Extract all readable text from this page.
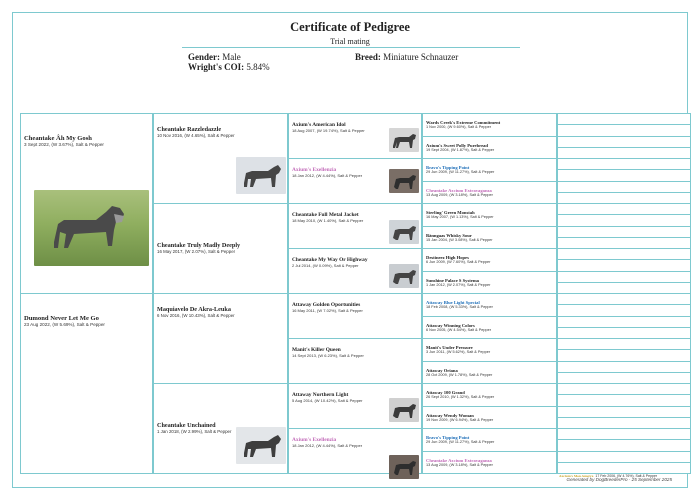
Certificate of Pedigree
Trial mating
Gender: Male	Breed: Miniature Schnauzer
Wright's COI: 5.84%
Cheantake Âh My Gosh
3 Sept 2022, (W 3.67%), Salt & Pepper
Dumond Never Let Me Go
23 Aug 2022, (W 5.69%), Salt & Pepper
Cheantake Razzledazzle
10 Nov 2016, (W 4.65%), Salt & Pepper
Cheantake Truly Madly Deeply
16 May 2017, (W 2.07%), Salt & Pepper
Maquiavelo De Akra-Leuka
6 Nov 2016, (W 10.43%), Salt & Pepper
Cheantake Unchained
1 Jan 2018, (W 2.99%), Salt & Pepper
Axium's American Idol
18 Aug 2007, (W 19.74%), Salt & Pepper
Axium's Exellenzia
18 Jan 2012, (W 4.44%), Salt & Pepper
Cheantake Full Metal Jacket
18 May 2010, (W 1.40%), Salt & Pepper
Cheantake My Way Or Highway
2 Jul 2014, (W 0.09%), Salt & Pepper
Attaway Golden Oportunities
16 May 2011, (W 7.02%), Salt & Pepper
Manit's Killer Queen
14 Sept 2013, (W 6.23%), Salt & Pepper
Attaway Northern Light
5 Aug 2014, (W 10.42%), Salt & Pepper
Axium's Exellenzia
18 Jan 2012, (W 4.44%), Salt & Pepper
Wards Creek's Extreme Commitment
1 Nov 2000, (W 9.60%), Salt & Pepper
Axium's Sweet Polly Purebread
19 Sept 2004, (W 1.87%), Salt & Pepper
Bravo's Tipping Point
29 Jun 2009, (W 11.27%), Salt & Pepper
Cheantake Axcium Extravaganza
13 Aug 2009, (W 3.18%), Salt & Pepper
Sterling' Green Monstah
16 May 2007, (W 1.13%), Salt & Pepper
Bänngaas Whisky Sour
15 Jan 2004, (W 3.08%), Salt & Pepper
Destineez High Hopes
6 Jun 2009, (W 7.60%), Salt & Pepper
Sunshine Palace S Systema
1 Jan 2012, (W 2.07%), Salt & Pepper
Attaway Blue Light Special
18 Feb 2008, (W 5.33%), Salt & Pepper
Attaway Winning Colors
6 Nov 2005, (W 4.54%), Salt & Pepper
Manit's Under Pressure
3 Jun 2011, (W 5.62%), Salt & Pepper
Attaway Oriana
28 Oct 2009, (W 1.78%), Salt & Pepper
Attaway 100 Grand
26 Sept 2010, (W 1.32%), Salt & Pepper
Attaway Wendy Woman
19 Nov 2009, (W 6.94%), Salt & Pepper
Bravo's Tipping Point
29 Jun 2009, (W 11.27%), Salt & Pepper
Cheantake Axcium Extravaganza
13 Aug 2009, (W 3.18%), Salt & Pepper
Axcium's Mon Amerra 17 Feb 2006, (W 4.76%), Salt & Pepper
Generated by DogBreederPro · 25 September 2025
